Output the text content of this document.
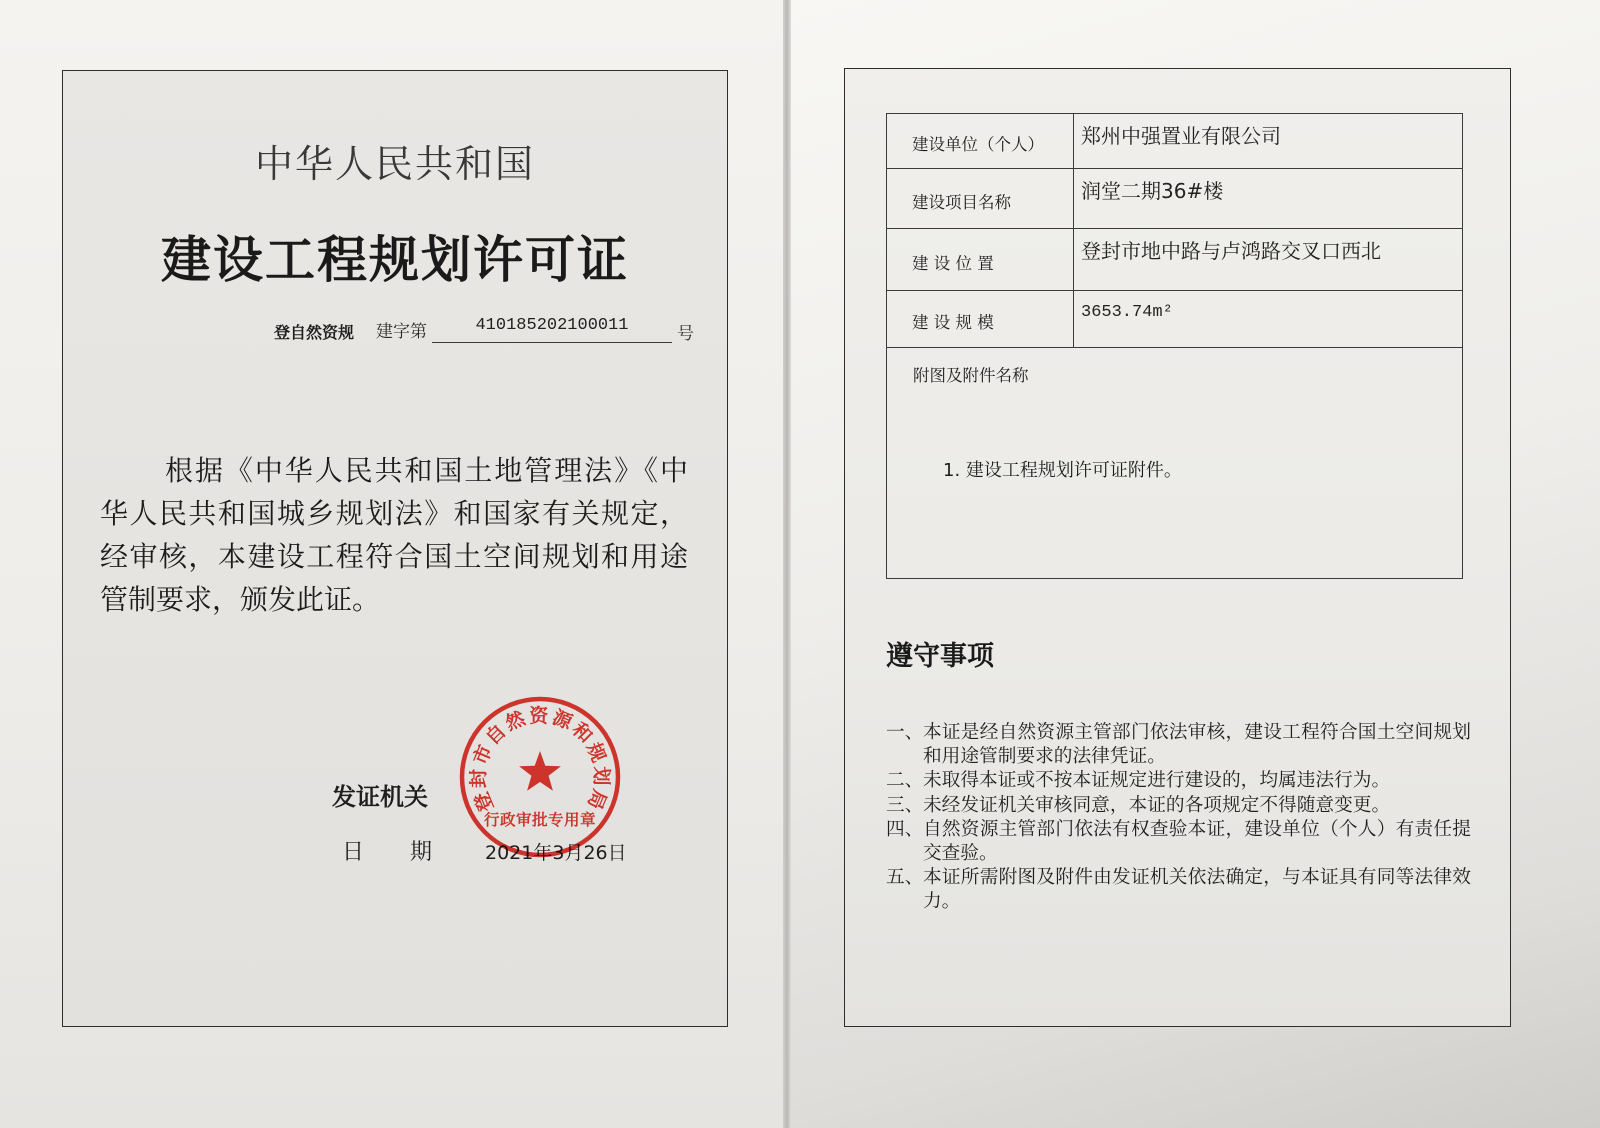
中华人民共和国
建设工程规划许可证
登自然资规 建字第	410185202100011	号
根据《中华人民共和国土地管理法》《中
华人民共和国城乡规划法》和国家有关规定，
经审核，本建设工程符合国土空间规划和用途
管制要求，颁发此证。
发证机关
日期 2021年3月26日
登封市自然资源和规划局
行政审批专用章
建设单位（个人）	郑州中强置业有限公司
建设项目名称	润堂二期36#楼
建 设 位 置	登封市地中路与卢鸿路交叉口西北
建 设 规 模	3653.74m²

附图及附件名称
1. 建设工程规划许可证附件。	
遵守事项
一、 本证是经自然资源主管部门依法审核，建设工程符合国土空间规划和用途管制要求的法律凭证。
二、 未取得本证或不按本证规定进行建设的，均属违法行为。
三、 未经发证机关审核同意，本证的各项规定不得随意变更。
四、 自然资源主管部门依法有权查验本证，建设单位（个人）有责任提交查验。
五、 本证所需附图及附件由发证机关依法确定，与本证具有同等法律效力。
